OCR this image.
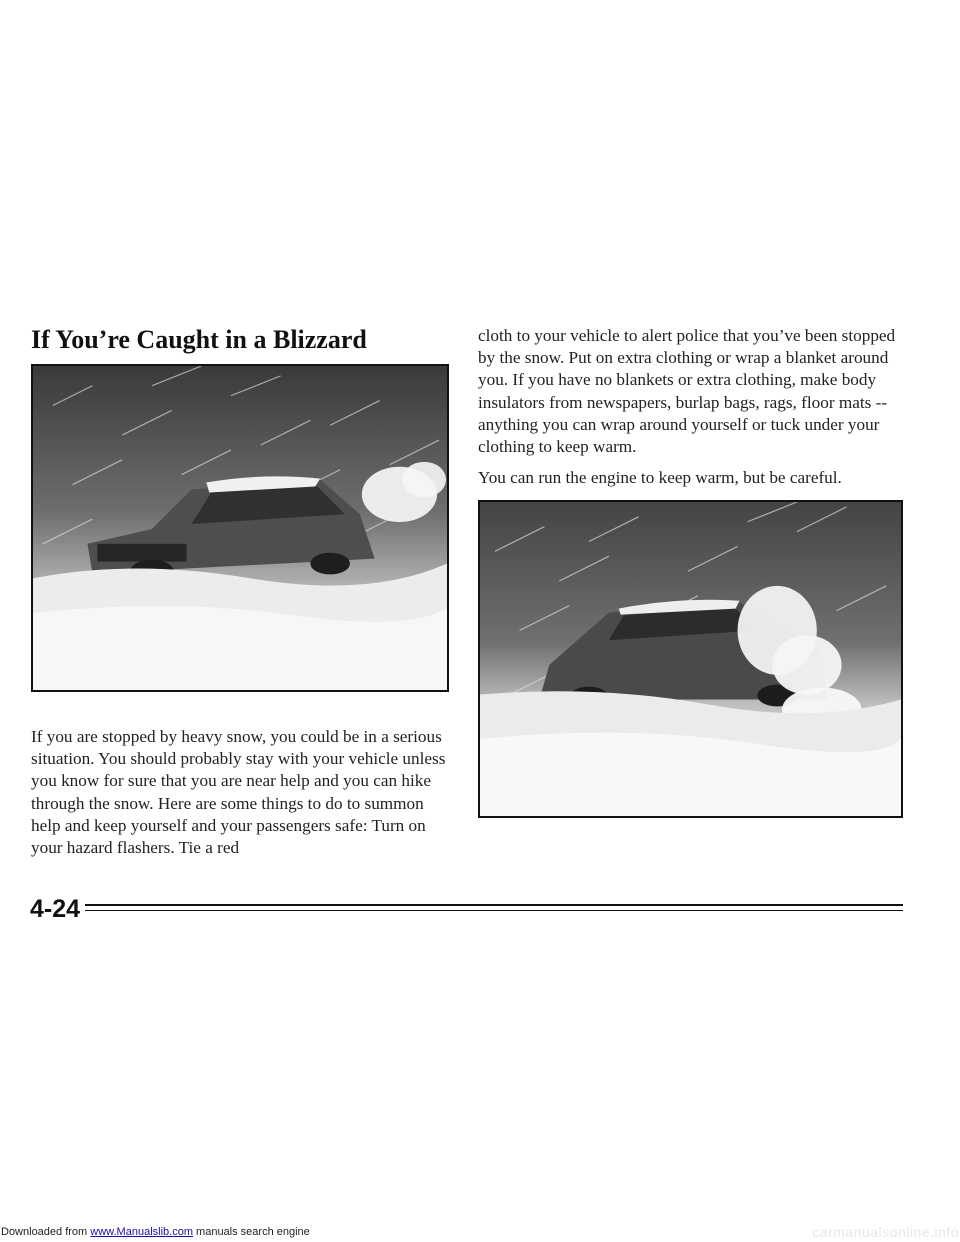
If You’re Caught in a Blizzard

If you are stopped by heavy snow, you could be in a serious situation. You should probably stay with your vehicle unless you know for sure that you are near help and you can hike through the snow. Here are some things to do to summon help and keep yourself and your passengers safe: Turn on your hazard flashers. Tie a red

cloth to your vehicle to alert police that you’ve been stopped by the snow. Put on extra clothing or wrap a blanket around you. If you have no blankets or extra clothing, make body insulators from newspapers, burlap bags, rags, floor mats -- anything you can wrap around yourself or tuck under your clothing to keep warm.

You can run the engine to keep warm, but be careful.

4-24
Downloaded from www.Manualslib.com manuals search engine	carmanualsonline.info
